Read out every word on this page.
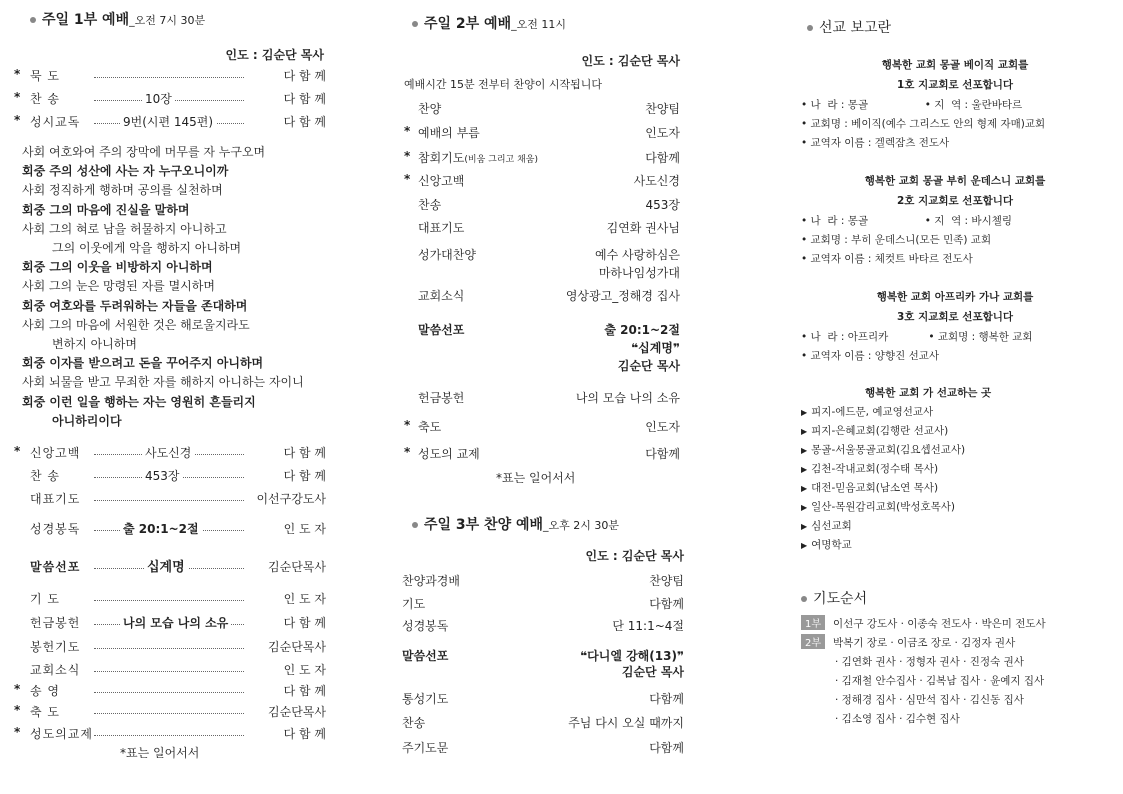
주일 1부 예배_오전 7시 30분
인도 : 김순단 목사
* 묵 도	다 함 께
* 찬 송	10장	다 함 께
* 성시교독	9번(시편 145편)	다 함 께
사회 여호와여 주의 장막에 머무를 자 누구오며
회중 주의 성산에 사는 자 누구오니이까
사회 정직하게 행하며 공의를 실천하며
회중 그의 마음에 진실을 말하며
사회 그의 혀로 남을 허물하지 아니하고
그의 이웃에게 악을 행하지 아니하며
회중 그의 이웃을 비방하지 아니하며
사회 그의 눈은 망령된 자를 멸시하며
회중 여호와를 두려워하는 자들을 존대하며
사회 그의 마음에 서원한 것은 해로울지라도
변하지 아니하며
회중 이자를 받으려고 돈을 꾸어주지 아니하며
사회 뇌물을 받고 무죄한 자를 해하지 아니하는 자이니
회중 이런 일을 행하는 자는 영원히 흔들리지
아니하리이다
* 신앙고백	사도신경	다 함 께
찬 송	453장	다 함 께
대표기도	이선구강도사
성경봉독	출 20:1~2절	인 도 자
말씀선포	십계명	김순단목사
기 도	인 도 자
헌금봉헌	나의 모습 나의 소유	다 함 께
봉헌기도	김순단목사
교회소식	인 도 자
* 송 영	다 함 께
* 축 도	김순단목사
* 성도의교제	다 함 께
*표는 일어서서
주일 2부 예배_오전 11시
인도 : 김순단 목사
예배시간 15분 전부터 찬양이 시작됩니다
찬양	찬양팀
* 예배의 부름	인도자
* 참회기도(비움 그리고 채움)	다함께
* 신앙고백	사도신경
찬송	453장
대표기도	김연화 권사님
성가대찬양	예수 사랑하심은
마하나임성가대
교회소식	영상광고_정해경 집사
말씀선포	출 20:1~2절
❝십계명❞
김순단 목사
헌금봉헌	나의 모습 나의 소유
* 축도	인도자
* 성도의 교제	다함께
*표는 일어서서
주일 3부 찬양 예배_오후 2시 30분
인도 : 김순단 목사
찬양과경배	찬양팀
기도	다함께
성경봉독	단 11:1~4절
말씀선포	❝다니엘 강해(13)❞
김순단 목사
통성기도	다함께
찬송	주님 다시 오실 때까지
주기도문	다함께
선교 보고란
행복한 교회 몽골 베이직 교회를
1호 지교회로 선포합니다
• 나  라 : 몽골                 • 지  역 : 울란바타르
• 교회명 : 베이직(예수 그리스도 안의 형제 자매)교회
• 교역자 이름 : 겔렉잠츠 전도사
행복한 교회 몽골 부히 운데스니 교회를
2호 지교회로 선포합니다
• 나  라 : 몽골                 • 지  역 : 바시첼링
• 교회명 : 부히 운데스니(모든 민족) 교회
• 교역자 이름 : 체컷트 바타르 전도사
행복한 교회 아프리카 가나 교회를
3호 지교회로 선포합니다
• 나  라 : 아프리카            • 교회명 : 행복한 교회
• 교역자 이름 : 양향진 선교사
행복한 교회 가 선교하는 곳
▶ 피지-에드문, 예교영선교사
▶ 피지-은혜교회(김행란 선교사)
▶ 몽골-서울몽골교회(김요셉선교사)
▶ 김천-작내교회(정수태 목사)
▶ 대전-믿음교회(남소연 목사)
▶ 일산-목원감리교회(박성호목사)
▶ 심선교회
▶ 여명학교
기도순서
1부 이선구 강도사 · 이종숙 전도사 · 박은미 전도사
2부 박복기 장로 · 이금조 장로 · 김정자 권사
· 김연화 권사 · 정형자 권사 · 진정숙 권사
· 김재철 안수집사 · 김복남 집사 · 윤예지 집사
· 정해경 집사 · 심만석 집사 · 김신동 집사
· 김소영 집사 · 김수현 집사
